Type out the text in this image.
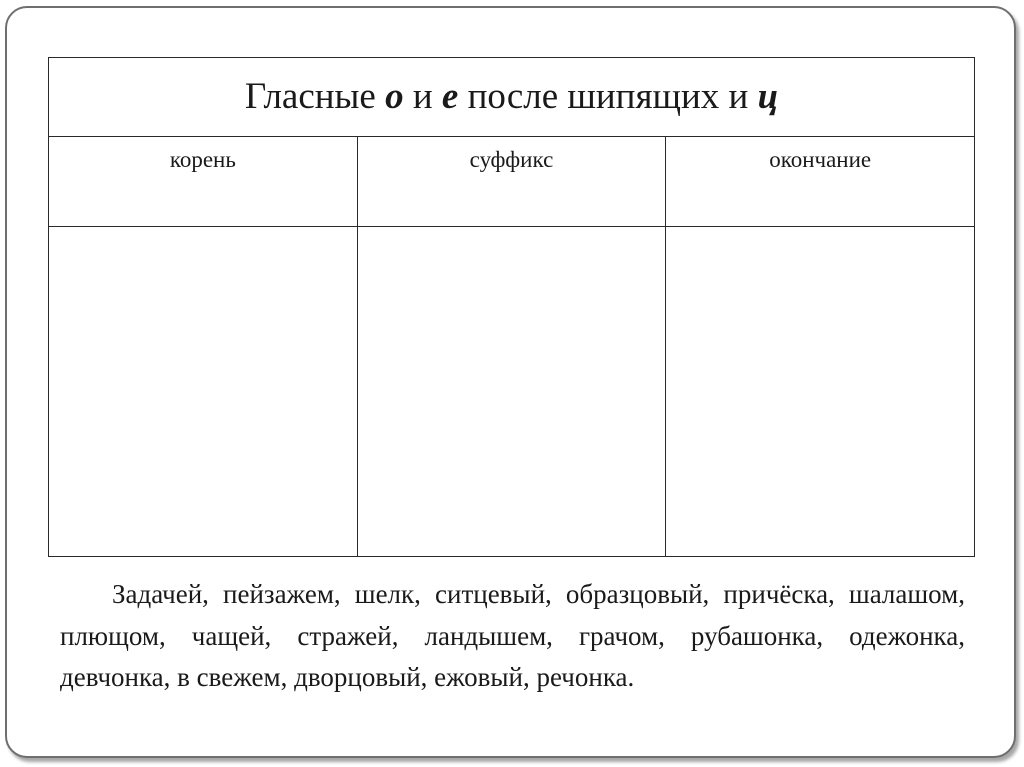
Гласные о и е после шипящих и ц		
корень	суффикс	окончание

Задачей, пейзажем, шелк, ситцевый, образцовый, причёска, шалашом, плющом, чащей, стражей, ландышем, грачом, рубашонка, одежонка, девчонка, в свежем, дворцовый, ежовый, речонка.
